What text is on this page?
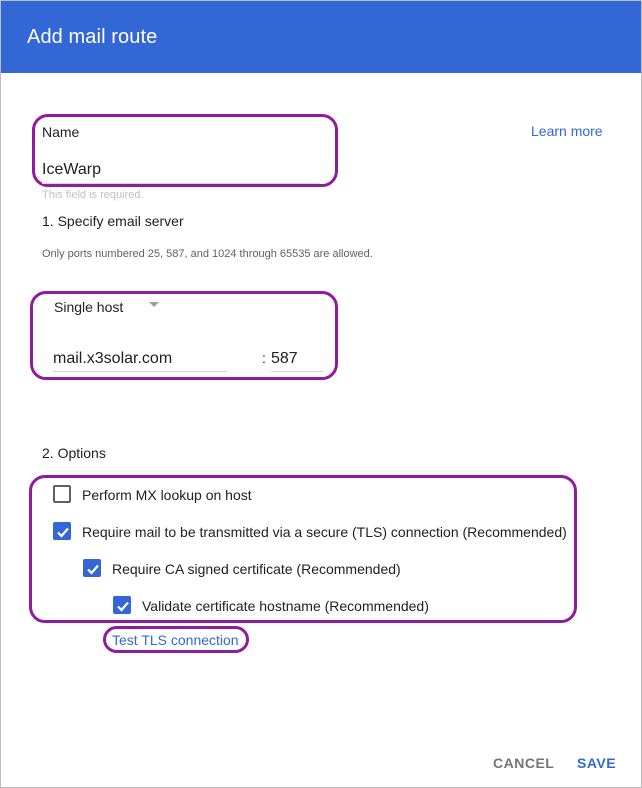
Add mail route
Name	Learn more
IceWarp
This field is required.
1. Specify email server
Only ports numbered 25, 587, and 1024 through 65535 are allowed.
Single host
mail.x3solar.com
:
587
2. Options
Perform MX lookup on host
Require mail to be transmitted via a secure (TLS) connection (Recommended)
Require CA signed certificate (Recommended)
Validate certificate hostname (Recommended)
Test TLS connection
CANCEL SAVE
